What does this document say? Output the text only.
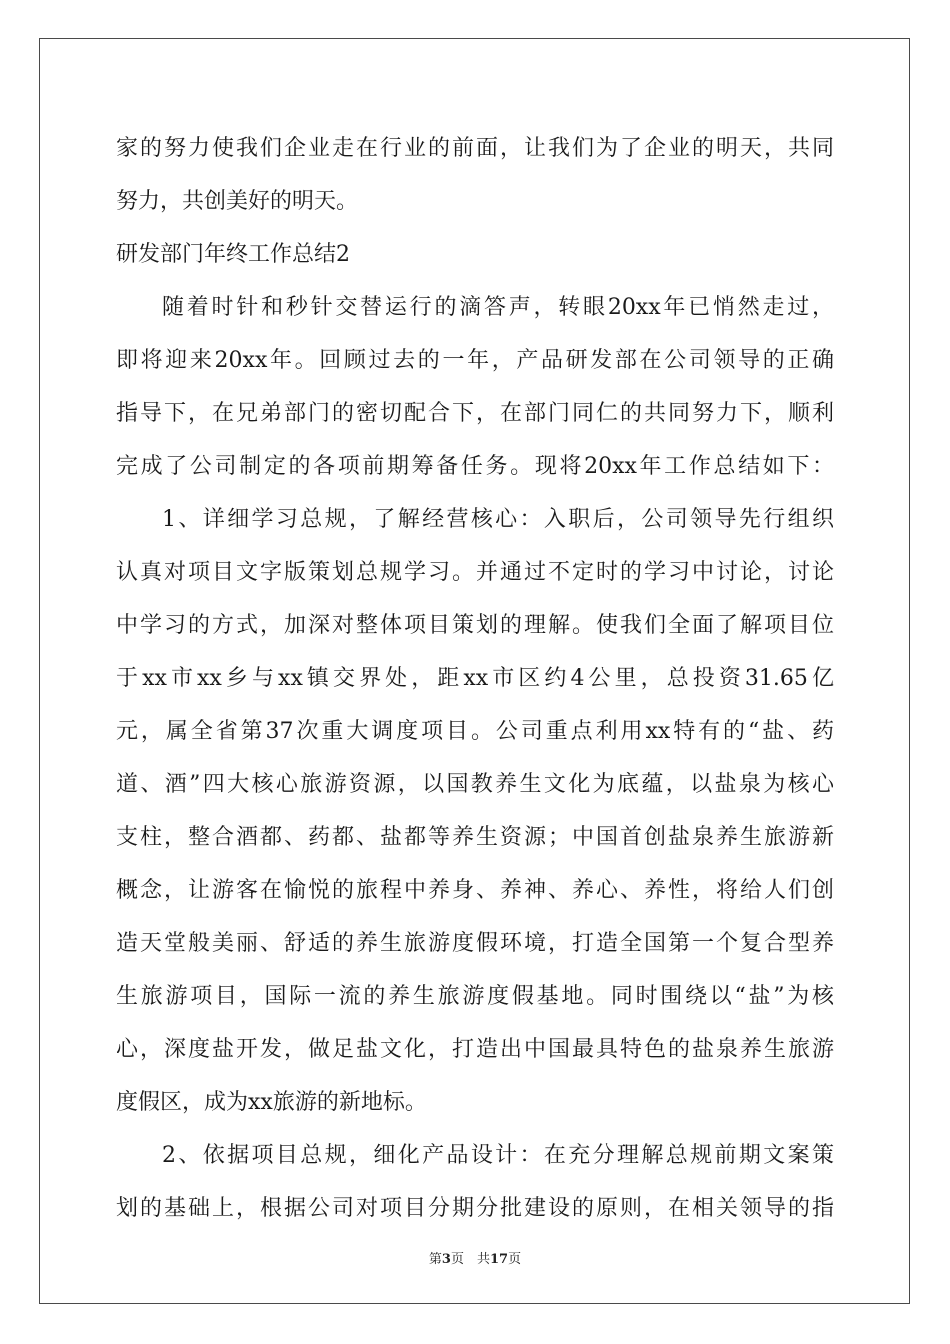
家的努力使我们企业走在行业的前面，让我们为了企业的明天，共同
努力，共创美好的明天。
研发部门年终工作总结2
随着时针和秒针交替运行的滴答声，转眼20xx年已悄然走过，
即将迎来20xx年。回顾过去的一年，产品研发部在公司领导的正确
指导下，在兄弟部门的密切配合下，在部门同仁的共同努力下，顺利
完成了公司制定的各项前期筹备任务。现将20xx年工作总结如下：
1、详细学习总规，了解经营核心：入职后，公司领导先行组织
认真对项目文字版策划总规学习。并通过不定时的学习中讨论，讨论
中学习的方式，加深对整体项目策划的理解。使我们全面了解项目位
于xx市xx乡与xx镇交界处，距xx市区约4公里，总投资31.65亿
元，属全省第37次重大调度项目。公司重点利用xx特有的“盐、药
道、酒”四大核心旅游资源，以国教养生文化为底蕴，以盐泉为核心
支柱，整合酒都、药都、盐都等养生资源；中国首创盐泉养生旅游新
概念，让游客在愉悦的旅程中养身、养神、养心、养性，将给人们创
造天堂般美丽、舒适的养生旅游度假环境，打造全国第一个复合型养
生旅游项目，国际一流的养生旅游度假基地。同时围绕以“盐”为核
心，深度盐开发，做足盐文化，打造出中国最具特色的盐泉养生旅游
度假区，成为xx旅游的新地标。
2、依据项目总规，细化产品设计：在充分理解总规前期文案策
划的基础上，根据公司对项目分期分批建设的原则，在相关领导的指
第3页　共17页
